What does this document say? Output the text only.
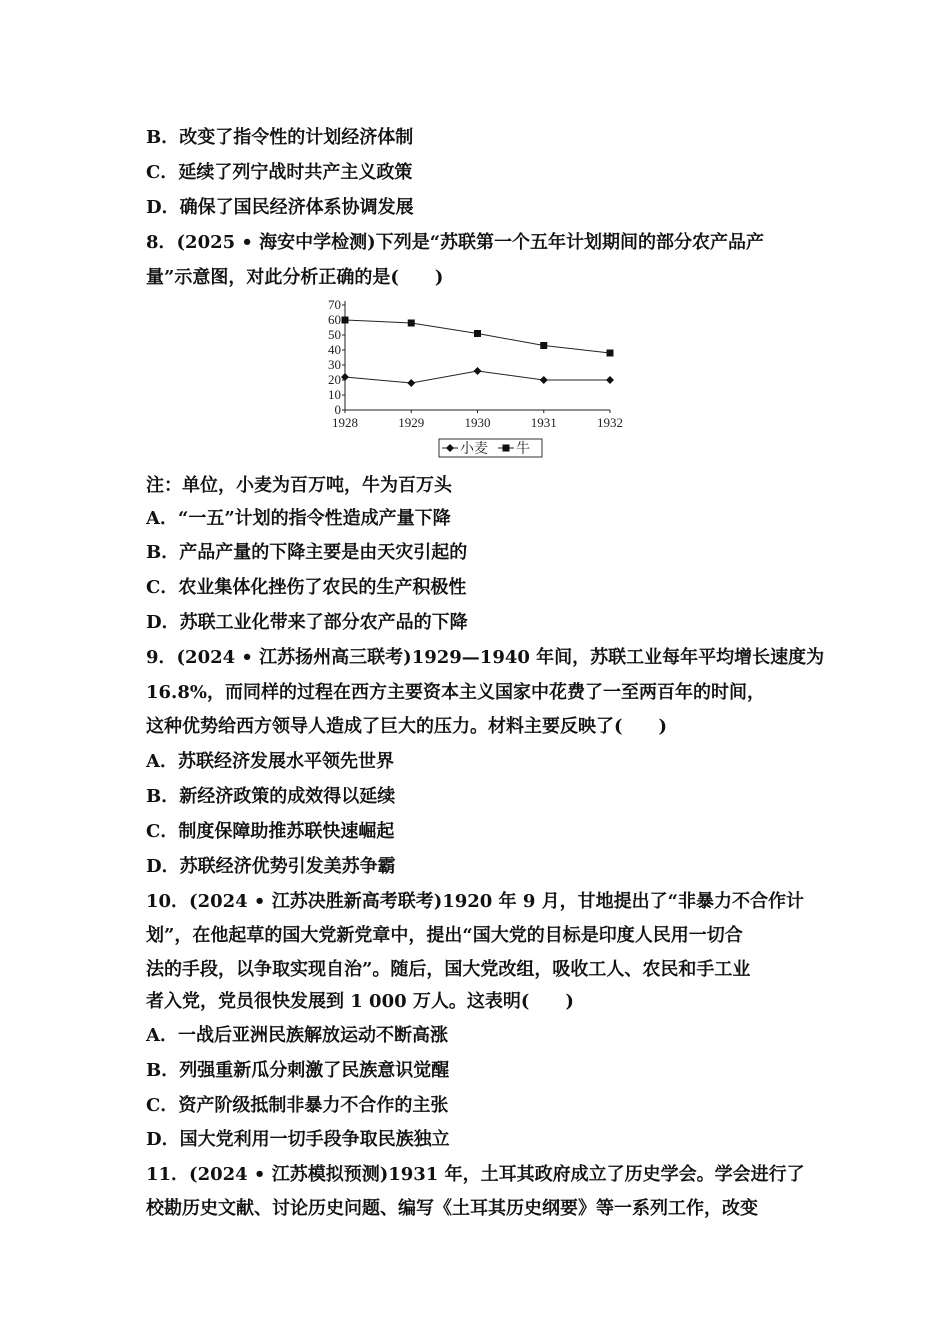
B．改变了指令性的计划经济体制
C．延续了列宁战时共产主义政策
D．确保了国民经济体系协调发展
8．(2025 • 海安中学检测)下列是“苏联第一个五年计划期间的部分农产品产
量”示意图，对此分析正确的是(　　)
0
10
20
30
40
50
60
70
1928	1929	1930	1931	1932
小麦 牛
注：单位，小麦为百万吨，牛为百万头
A．“一五”计划的指令性造成产量下降
B．产品产量的下降主要是由天灾引起的
C．农业集体化挫伤了农民的生产积极性
D．苏联工业化带来了部分农产品的下降
9．(2024 • 江苏扬州高三联考)1929—1940 年间，苏联工业每年平均增长速度为
16.8%，而同样的过程在西方主要资本主义国家中花费了一至两百年的时间，
这种优势给西方领导人造成了巨大的压力。材料主要反映了(　　)
A．苏联经济发展水平领先世界
B．新经济政策的成效得以延续
C．制度保障助推苏联快速崛起
D．苏联经济优势引发美苏争霸
10．(2024 • 江苏决胜新高考联考)1920 年 9 月，甘地提出了“非暴力不合作计
划”，在他起草的国大党新党章中，提出“国大党的目标是印度人民用一切合
法的手段，以争取实现自治”。随后，国大党改组，吸收工人、农民和手工业
者入党，党员很快发展到 1 000 万人。这表明(　　)
A．一战后亚洲民族解放运动不断高涨
B．列强重新瓜分刺激了民族意识觉醒
C．资产阶级抵制非暴力不合作的主张
D．国大党利用一切手段争取民族独立
11．(2024 • 江苏模拟预测)1931 年，土耳其政府成立了历史学会。学会进行了
校勘历史文献、讨论历史问题、编写《土耳其历史纲要》等一系列工作，改变
